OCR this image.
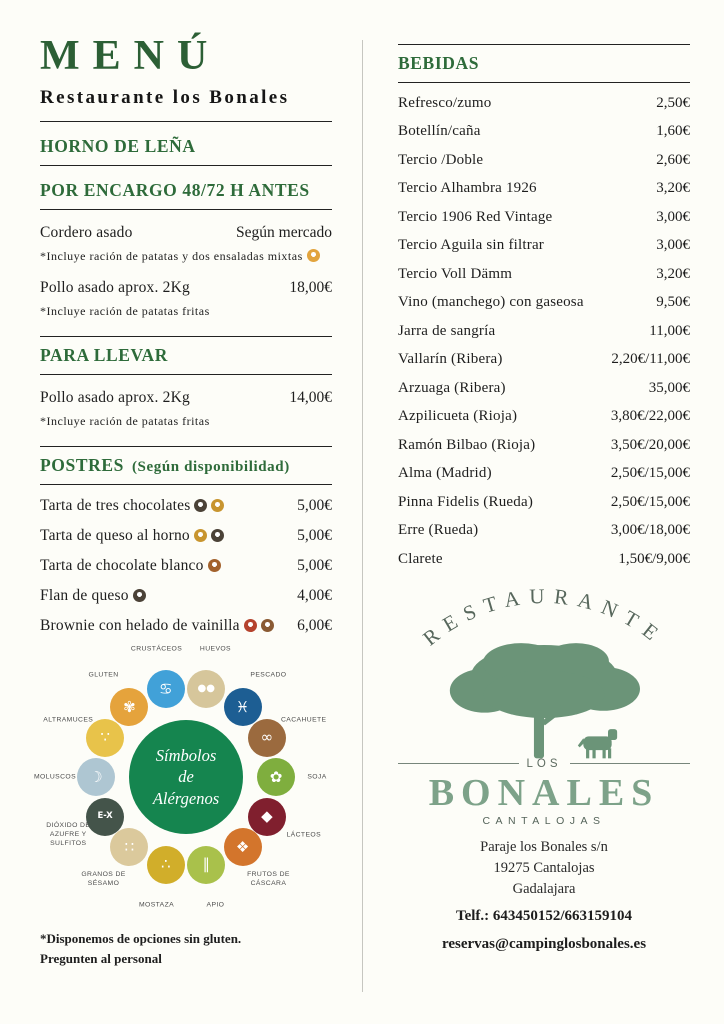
MENÚ
Restaurante los Bonales
HORNO DE LEÑA
POR ENCARGO 48/72 H ANTES
Cordero asado	Según mercado
*Incluye ración de patatas y dos ensaladas mixtas
Pollo asado aprox. 2Kg	18,00€
*Incluye ración de patatas fritas
PARA LLEVAR
Pollo asado aprox. 2Kg	14,00€
*Incluye ración de patatas fritas
POSTRES (Según disponibilidad)
Tarta de tres chocolates	5,00€
Tarta de queso al horno	5,00€
Tarta de chocolate blanco	5,00€
Flan de queso	4,00€
Brownie con helado de vainilla	6,00€
Símbolos
de
Alérgenos
♋
CRUSTÁCEOS
●●
HUEVOS
♓
PESCADO
∞
CACAHUETE
✿	SOJA
◆
LÁCTEOS
❖
FRUTOS DE CÁSCARA
∥
APIO
∴
MOSTAZA
∷
GRANOS DE SÉSAMO
E-X
DIÓXIDO DE AZUFRE Y SULFITOS
☽
MOLUSCOS
∵
ALTRAMUCES
✾
GLUTEN
*Disponemos de opciones sin gluten.
Pregunten al personal
BEBIDAS
Refresco/zumo	2,50€
Botellín/caña	1,60€
Tercio /Doble	2,60€
Tercio Alhambra 1926	3,20€
Tercio 1906 Red Vintage	3,00€
Tercio Aguila sin filtrar	3,00€
Tercio Voll Dämm	3,20€
Vino (manchego) con gaseosa	9,50€
Jarra de sangría	11,00€
Vallarín (Ribera)	2,20€/11,00€
Arzuaga (Ribera)	35,00€
Azpilicueta (Rioja)	3,80€/22,00€
Ramón Bilbao (Rioja)	3,50€/20,00€
Alma (Madrid)	2,50€/15,00€
Pinna Fidelis (Rueda)	2,50€/15,00€
Erre (Rueda)	3,00€/18,00€
Clarete	1,50€/9,00€
RESTAURANTE
LOS
BONALES
CANTALOJAS
Paraje los Bonales s/n
19275 Cantalojas
Gadalajara
Telf.: 643450152/663159104
reservas@campinglosbonales.es
